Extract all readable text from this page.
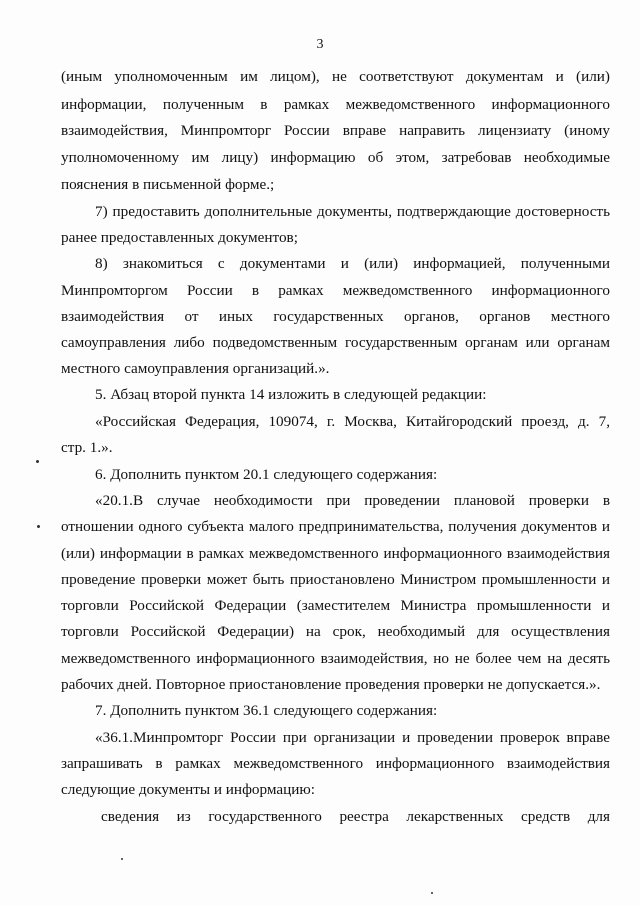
3
(иным уполномоченным им лицом), не соответствуют документам и (или)
информации, полученным в рамках межведомственного информационного
взаимодействия, Минпромторг России вправе направить лицензиату (иному
уполномоченному им лицу) информацию об этом, затребовав необходимые
пояснения в письменной форме.;
7) предоставить дополнительные документы, подтверждающие достоверность
ранее предоставленных документов;
8) знакомиться с документами и (или) информацией, полученными
Минпромторгом России в рамках межведомственного информационного
взаимодействия от иных государственных органов, органов местного
самоуправления либо подведомственным государственным органам или органам
местного самоуправления организаций.».
5. Абзац второй пункта 14 изложить в следующей редакции:
«Российская Федерация, 109074, г. Москва, Китайгородский проезд, д. 7,
стр. 1.».
6. Дополнить пунктом 20.1 следующего содержания:
«20.1.В случае необходимости при проведении плановой проверки в
отношении одного субъекта малого предпринимательства, получения документов и
(или) информации в рамках межведомственного информационного взаимодействия
проведение проверки может быть приостановлено Министром промышленности и
торговли Российской Федерации (заместителем Министра промышленности и
торговли Российской Федерации) на срок, необходимый для осуществления
межведомственного информационного взаимодействия, но не более чем на десять
рабочих дней. Повторное приостановление проведения проверки не допускается.».
7. Дополнить пунктом 36.1 следующего содержания:
«36.1.Минпромторг России при организации и проведении проверок вправе
запрашивать в рамках межведомственного информационного взаимодействия
следующие документы и информацию:
сведения из государственного реестра лекарственных средств для
